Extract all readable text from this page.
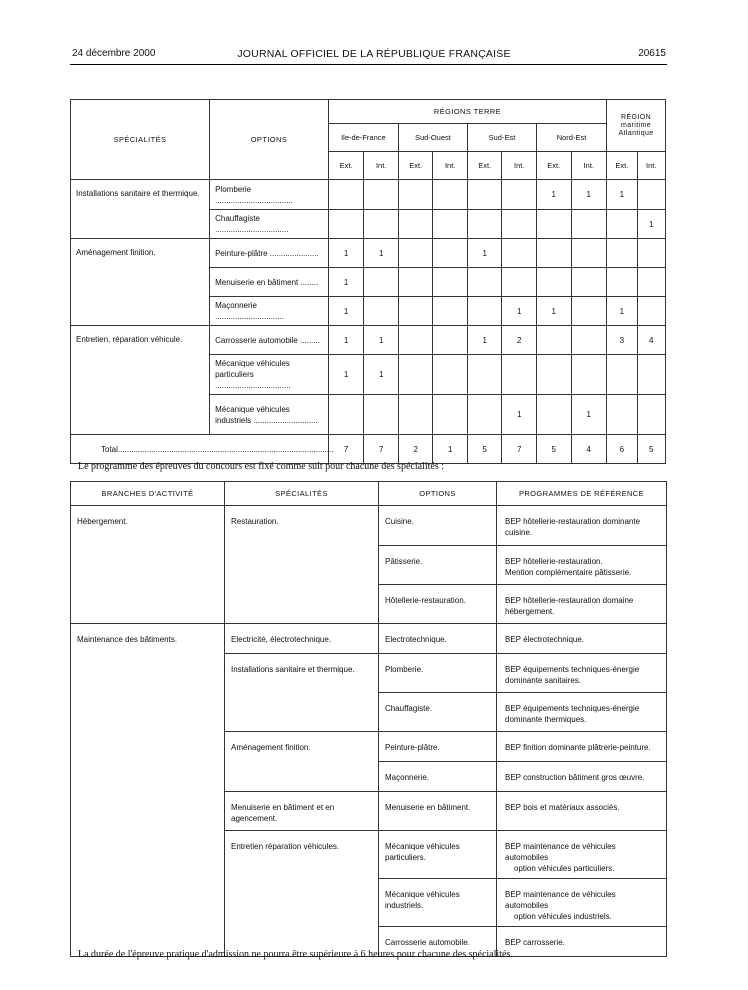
24 décembre 2000	JOURNAL OFFICIEL DE LA RÉPUBLIQUE FRANÇAISE	20615
SPÉCIALITÉS	OPTIONS	RÉGIONS TERRE								RÉGION maritime Atlantique	
		Ile-de-France		Sud-Ouest		Sud-Est		Nord-Est			
		Ext.	Int.	Ext.	Int.	Ext.	Int.	Ext.	Int.	Ext.	Int.
Installations sanitaire et thermique.	Plomberie ...................................							1	1	1	
	Chauffagiste .................................										1
Aménagement finition.	Peinture-plâtre ......................	1	1			1					
	Menuiserie en bâtiment ........	1									
	Maçonnerie ...............................	1					1	1		1	
Entretien, réparation véhicule.	Carrosserie automobile .........	1	1			1	2			3	4
	Mécanique véhicules particuliers ..................................	1	1								
	Mécanique véhicules industriels .............................						1		1		
Total.................................................................................................		7	7	2	1	5	7	5	4	6	5
Le programme des épreuves du concours est fixé comme suit pour chacune des spécialités :
BRANCHES D'ACTIVITÉ	SPÉCIALITÉS	OPTIONS	PROGRAMMES DE RÉFÉRENCE
Hébergement.	Restauration.	Cuisine.	BEP hôtellerie-restauration dominante cuisine.
		Pâtisserie.	BEP hôtellerie-restauration.
Mention complémentaire pâtisserie.

		Hôtellerie-restauration.	BEP hôtellerie-restauration domaine hébergement.
Maintenance des bâtiments.	Electricité, électrotechnique.	Electrotechnique.	BEP électrotechnique.
	Installations sanitaire et thermique.	Plomberie.	BEP équipements techniques-énergie dominante sanitaires.
		Chauffagiste.	BEP équipements techniques-énergie dominante thermiques.
	Aménagement finition.	Peinture-plâtre.	BEP finition dominante plâtrerie-peinture.
		Maçonnerie.	BEP construction bâtiment gros œuvre.
	Menuiserie en bâtiment et en agencement.	Menuiserie en bâtiment.	BEP bois et matériaux associés.
	Entretien réparation véhicules.	Mécanique véhicules particuliers.	BEP maintenance de véhicules automobiles
option véhicules particuliers.

		Mécanique véhicules industriels.	BEP maintenance de véhicules automobiles
option véhicules industriels.

		Carrosserie automobile.	BEP carrosserie.
La durée de l'épreuve pratique d'admission ne pourra être supérieure à 6 heures pour chacune des spécialités.
